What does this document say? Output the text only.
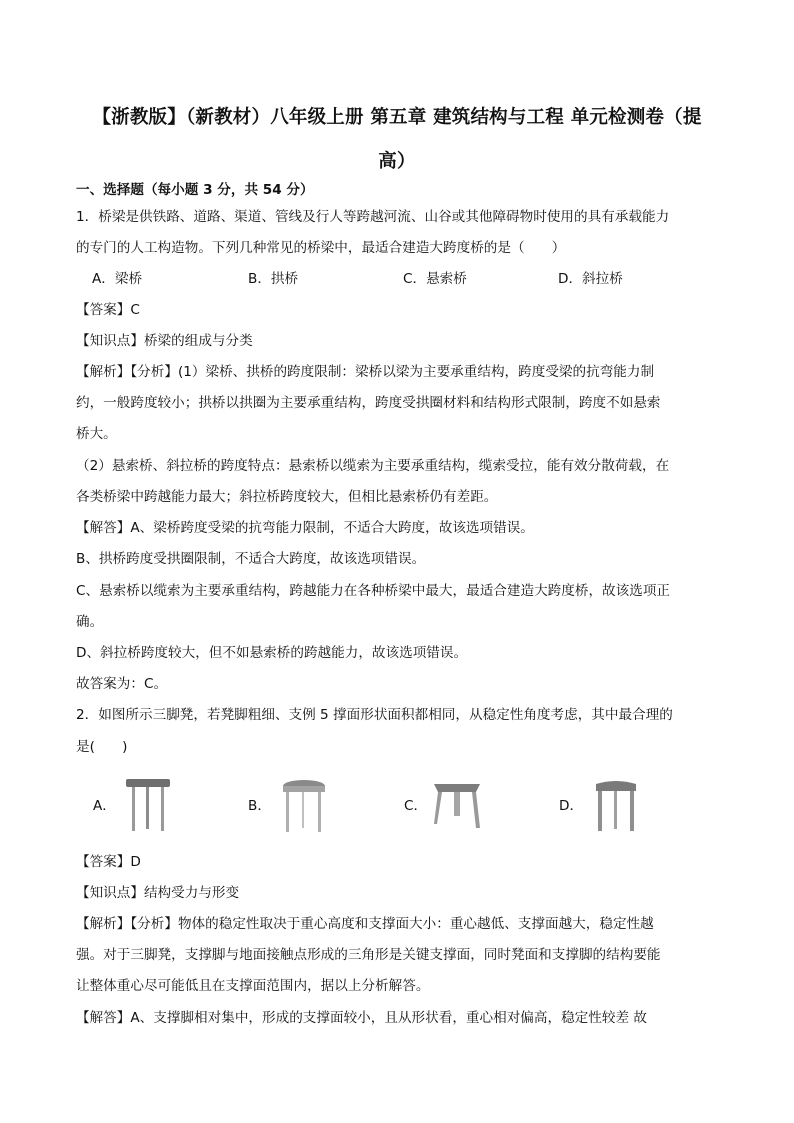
【浙教版】（新教材）八年级上册 第五章 建筑结构与工程 单元检测卷（提
高）
一、选择题（每小题 3 分，共 54 分）
1．桥梁是供铁路、道路、渠道、管线及行人等跨越河流、山谷或其他障碍物时使用的具有承载能力
的专门的人工构造物。下列几种常见的桥梁中，最适合建造大跨度桥的是（　　）
A．梁桥	B．拱桥	C．悬索桥	D．斜拉桥
【答案】C
【知识点】桥梁的组成与分类
【解析】【分析】(1）梁桥、拱桥的跨度限制：梁桥以梁为主要承重结构，跨度受梁的抗弯能力制
约，一般跨度较小；拱桥以拱圈为主要承重结构，跨度受拱圈材料和结构形式限制，跨度不如悬索
桥大。
（2）悬索桥、斜拉桥的跨度特点：悬索桥以缆索为主要承重结构，缆索受拉，能有效分散荷载，在
各类桥梁中跨越能力最大；斜拉桥跨度较大，但相比悬索桥仍有差距。
【解答】A、梁桥跨度受梁的抗弯能力限制，不适合大跨度，故该选项错误。
B、拱桥跨度受拱圈限制，不适合大跨度，故该选项错误。
C、悬索桥以缆索为主要承重结构，跨越能力在各种桥梁中最大，最适合建造大跨度桥，故该选项正
确。
D、斜拉桥跨度较大，但不如悬索桥的跨越能力，故该选项错误。
故答案为：C。
2．如图所示三脚凳，若凳脚粗细、支例 5 撑面形状面积都相同，从稳定性角度考虑，其中最合理的
是(　　)
A．	B．	C．	D．
【答案】D
【知识点】结构受力与形变
【解析】【分析】物体的稳定性取决于重心高度和支撑面大小：重心越低、支撑面越大，稳定性越
强。对于三脚凳，支撑脚与地面接触点形成的三角形是关键支撑面，同时凳面和支撑脚的结构要能
让整体重心尽可能低且在支撑面范围内，据以上分析解答。
【解答】A、支撑脚相对集中，形成的支撑面较小，且从形状看，重心相对偏高，稳定性较差 故
